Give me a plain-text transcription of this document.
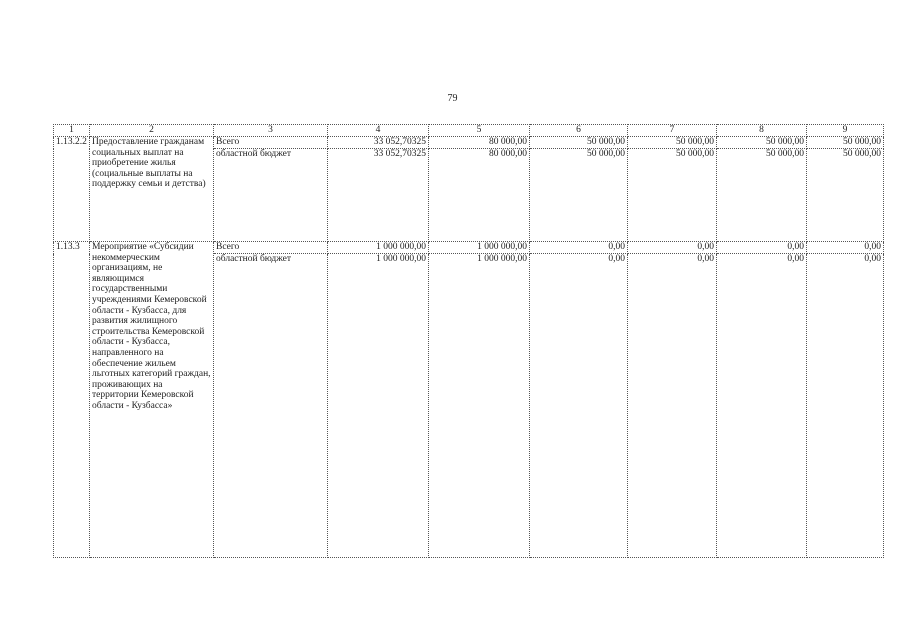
79
1	2	3	4	5	6	7	8	9
1.13.2.2	Предоставление гражданам социальных выплат на приобретение жилья (социальные выплаты на поддержку семьи и детства)	Всего	33 052,70325	80 000,00	50 000,00	50 000,00	50 000,00	50 000,00
		областной бюджет	33 052,70325	80 000,00	50 000,00	50 000,00	50 000,00	50 000,00
1.13.3	Мероприятие «Субсидии некоммерческим организациям, не являющимся государственными учреждениями Кемеровской области - Кузбасса, для развития жилищного строительства Кемеровской области - Кузбасса, направленного на обеспечение жильем льготных категорий граждан, проживающих на территории Кемеровской области - Кузбасса»	Всего	1 000 000,00	1 000 000,00	0,00	0,00	0,00	0,00
		областной бюджет	1 000 000,00	1 000 000,00	0,00	0,00	0,00	0,00
